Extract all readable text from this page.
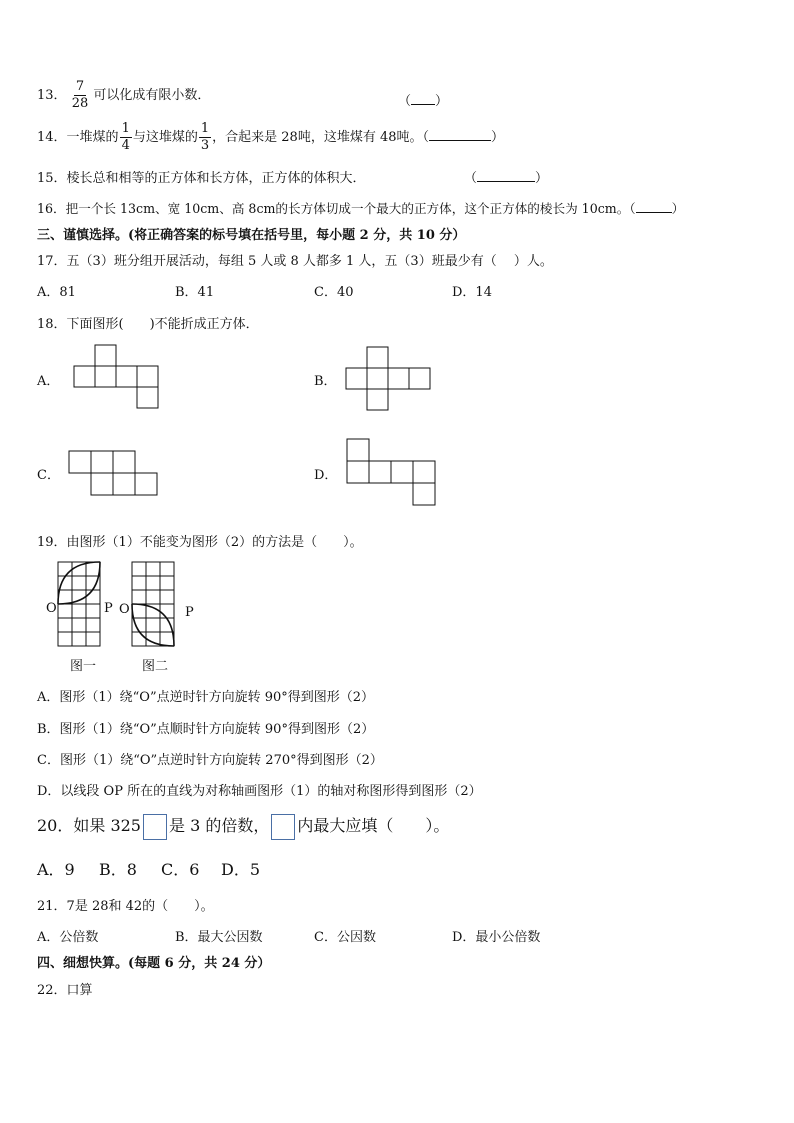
13． $\frac{7}{28}$ 可以化成有限小数．	（ ）
14．一堆煤的 $\frac{1}{4}$ 与这堆煤的 $\frac{1}{3}$ ，合起来是 28吨，这堆煤有 48吨。（	）
15．棱长总和相等的正方体和长方体，正方体的体积大．	（	）
16．把一个长 13cm、宽 10cm、高 8cm的长方体切成一个最大的正方体，这个正方体的棱长为 10cm。（	）
三、谨慎选择。(将正确答案的标号填在括号里，每小题 2 分，共 10 分）
17．五（3）班分组开展活动，每组 5 人或 8 人都多 1 人，五（3）班最少有（　 ）人。
A．81	B．41	C．40	D．14
18．下面图形(　　)不能折成正方体．
A．	B．
C．	D．
19．由图形（1）不能变为图形（2）的方法是（　　）。
O	P O	P
图一	图二
A．图形（1）绕“O”点逆时针方向旋转 90°得到图形（2）
B．图形（1）绕“O”点顺时针方向旋转 90°得到图形（2）
C．图形（1）绕“O”点逆时针方向旋转 270°得到图形（2）
D．以线段 OP 所在的直线为对称轴画图形（1）的轴对称图形得到图形（2）
20．如果 325 是 3 的倍数， 内最大应填（　　）。
A．9 B．8 C．6 D．5
21．7是 28和 42的（　　）。
A．公倍数	B．最大公因数	C．公因数	D．最小公倍数
四、细想快算。(每题 6 分，共 24 分）
22．口算
